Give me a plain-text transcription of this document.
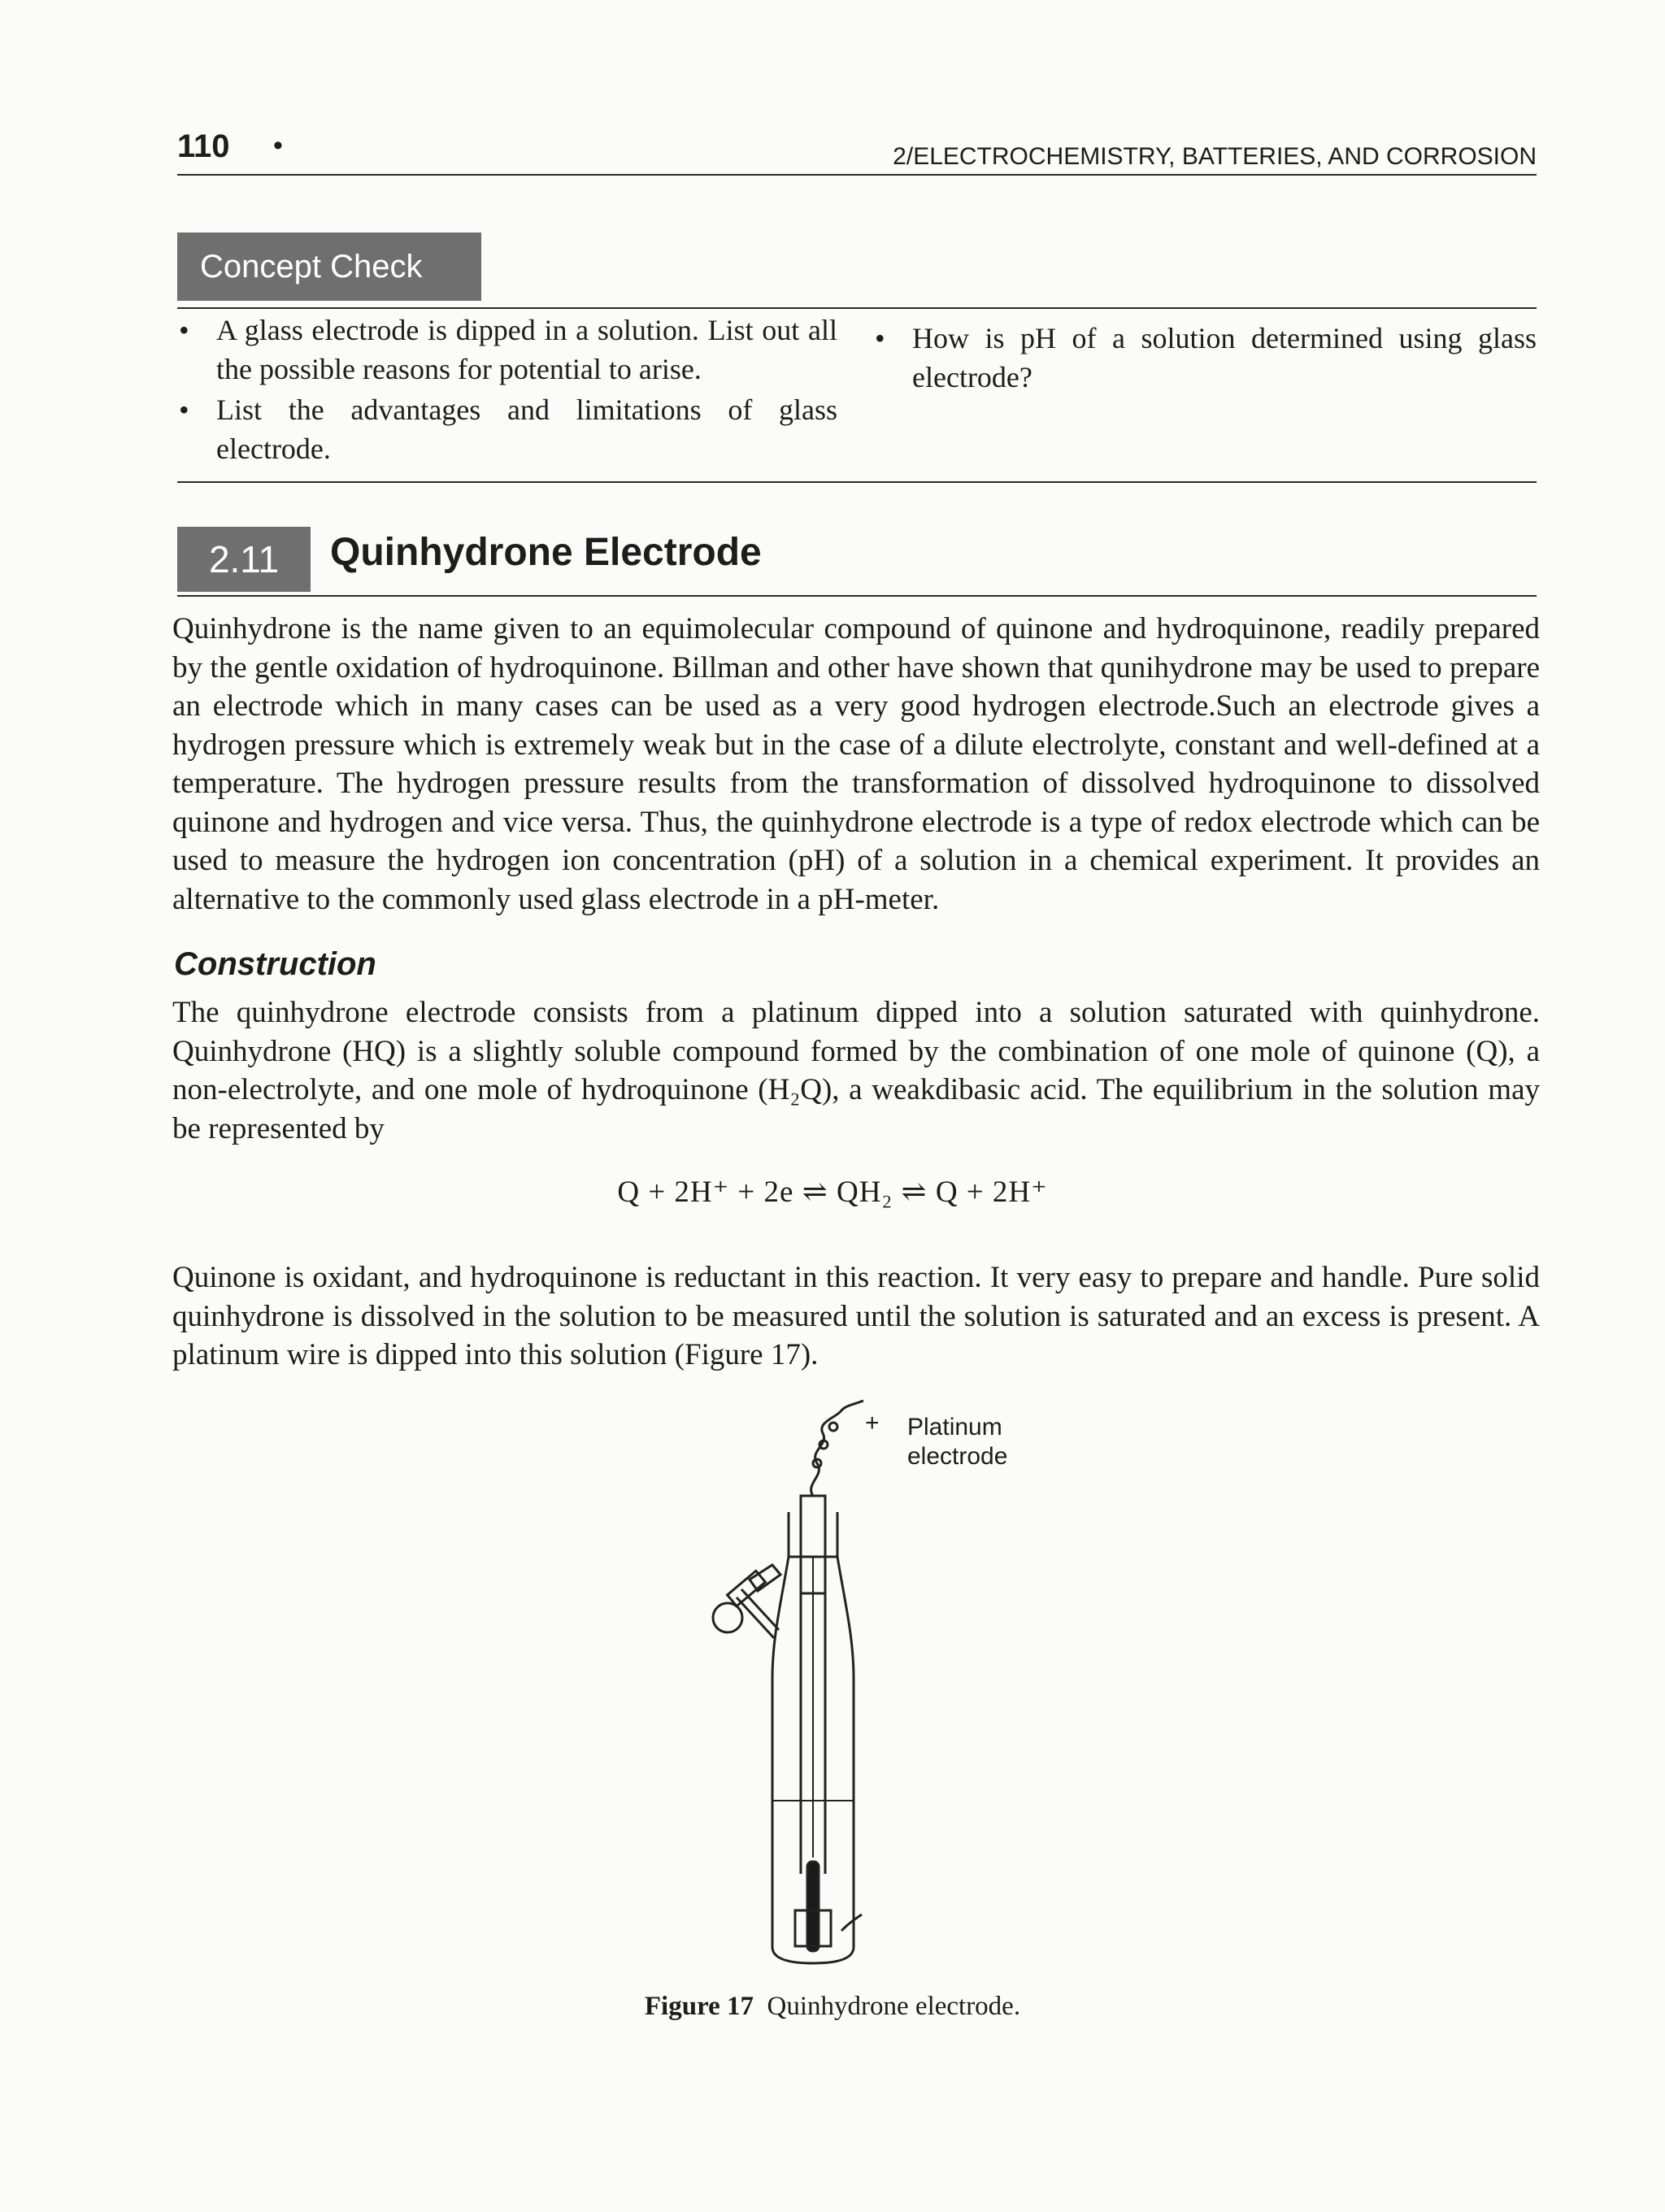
110 •	2/ELECTROCHEMISTRY, BATTERIES, AND CORROSION
Concept Check
• A glass electrode is dipped in a solution. List out all the possible reasons for potential to arise.
• List the advantages and limitations of glass electrode.
• How is pH of a solution determined using glass electrode?
2.11	Quinhydrone Electrode

Quinhydrone is the name given to an equimolecular compound of quinone and hydroquinone, readily prepared by the gentle oxidation of hydroquinone. Billman and other have shown that qunihydrone may be used to prepare an electrode which in many cases can be used as a very good hydrogen electrode.Such an electrode gives a hydrogen pressure which is extremely weak but in the case of a dilute electrolyte, constant and well-defined at a temperature. The hydrogen pressure results from the transformation of dissolved hydroquinone to dissolved quinone and hydrogen and vice versa. Thus, the quinhydrone electrode is a type of redox electrode which can be used to measure the hydrogen ion concentration (pH) of a solution in a chemical experiment. It provides an alternative to the commonly used glass electrode in a pH-meter.

Construction

The quinhydrone electrode consists from a platinum dipped into a solution saturated with quinhydrone. Quinhydrone (HQ) is a slightly soluble compound formed by the combination of one mole of quinone (Q), a non-electrolyte, and one mole of hydroquinone (H₂Q), a weakdibasic acid. The equilibrium in the solution may be represented by

Q + 2H⁺ + 2e ⇌ QH₂ ⇌ Q + 2H⁺

Quinone is oxidant, and hydroquinone is reductant in this reaction. It very easy to prepare and handle. Pure solid quinhydrone is dissolved in the solution to be measured until the solution is saturated and an excess is present. A platinum wire is dipped into this solution (Figure 17).

+ Platinum
electrode
Figure 17 Quinhydrone electrode.
